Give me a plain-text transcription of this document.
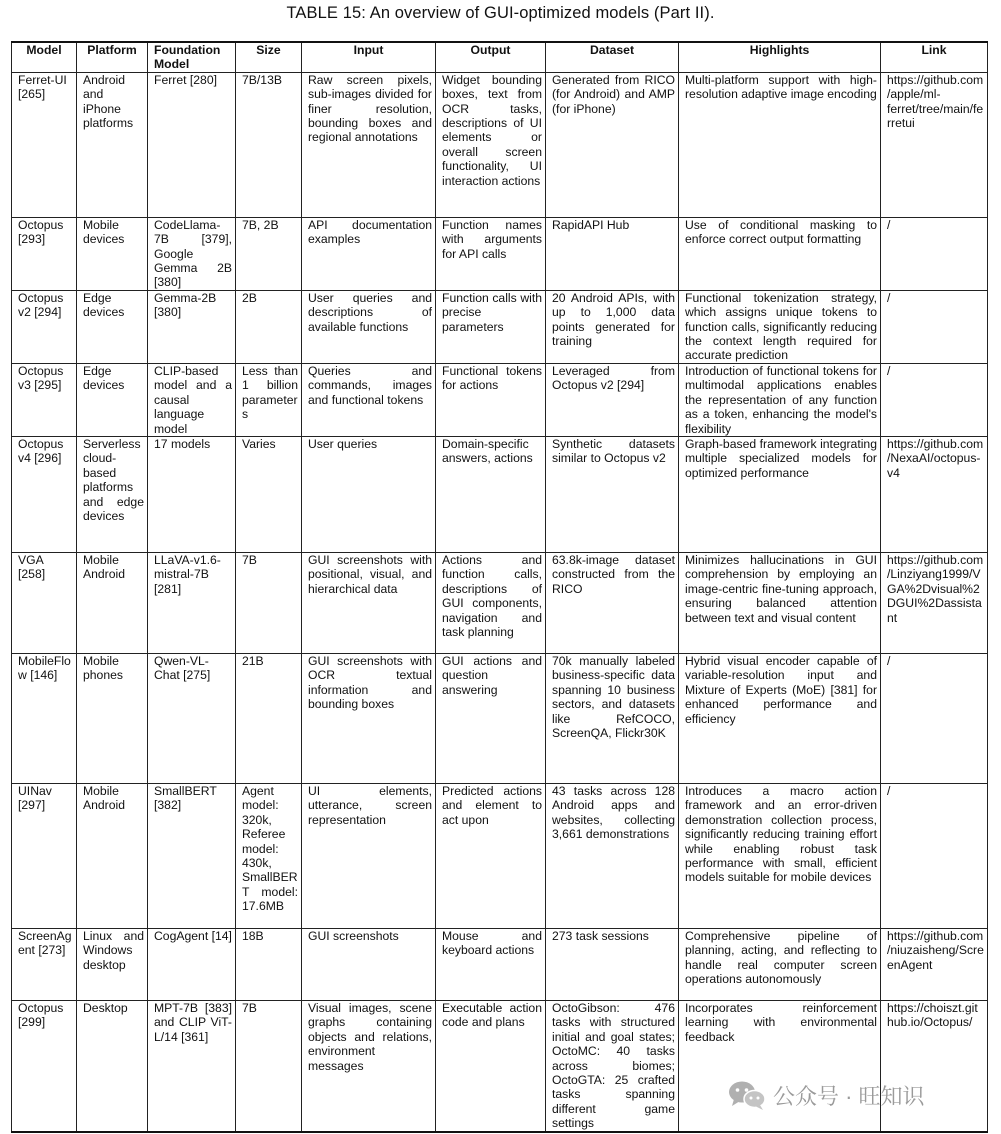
TABLE 15: An overview of GUI-optimized models (Part II).
Model	Platform	Foundation Model	Size	Input	Output	Dataset	Highlights	Link
Ferret-UI [265]	Android and iPhone platforms	Ferret [280]	7B/13B	Raw screen pixels, sub-images divided for finer resolution, bounding boxes and regional annotations	Widget bounding boxes, text from OCR tasks, descriptions of UI elements or overall screen functionality, UI interaction actions	Generated from RICO (for Android) and AMP (for iPhone)	Multi-platform support with high-resolution adaptive image encoding	https://github.com/apple/ml-ferret/tree/main/ferretui
Octopus [293]	Mobile devices	CodeLlama-7B [379], Google Gemma 2B [380]	7B, 2B	API documentation examples	Function names with arguments for API calls	RapidAPI Hub	Use of conditional masking to enforce correct output formatting	/
Octopus v2 [294]	Edge devices	Gemma-2B [380]	2B	User queries and descriptions of available functions	Function calls with precise parameters	20 Android APIs, with up to 1,000 data points generated for training	Functional tokenization strategy, which assigns unique tokens to function calls, significantly reducing the context length required for accurate prediction	/
Octopus v3 [295]	Edge devices	CLIP-based model and a causal language model	Less than 1 billion parameters	Queries and commands, images and functional tokens	Functional tokens for actions	Leveraged from Octopus v2 [294]	Introduction of functional tokens for multimodal applications enables the representation of any function as a token, enhancing the model's flexibility	/
Octopus v4 [296]	Serverless cloud-based platforms and edge devices	17 models	Varies	User queries	Domain-specific answers, actions	Synthetic datasets similar to Octopus v2	Graph-based framework integrating multiple specialized models for optimized performance	https://github.com/NexaAI/octopus-v4
VGA [258]	Mobile Android	LLaVA-v1.6-mistral-7B [281]	7B	GUI screenshots with positional, visual, and hierarchical data	Actions and function calls, descriptions of GUI components, navigation and task planning	63.8k-image dataset constructed from the RICO	Minimizes hallucinations in GUI comprehension by employing an image-centric fine-tuning approach, ensuring balanced attention between text and visual content	https://github.com/Linziyang1999/VGA%2Dvisual%2DGUI%2Dassistant
MobileFlow [146]	Mobile phones	Qwen-VL-Chat [275]	21B	GUI screenshots with OCR textual information and bounding boxes	GUI actions and question answering	70k manually labeled business-specific data spanning 10 business sectors, and datasets like RefCOCO, ScreenQA, Flickr30K	Hybrid visual encoder capable of variable-resolution input and Mixture of Experts (MoE) [381] for enhanced performance and efficiency	/
UINav [297]	Mobile Android	SmallBERT [382]	Agent model: 320k, Referee model: 430k, SmallBERT model: 17.6MB	UI elements, utterance, screen representation	Predicted actions and element to act upon	43 tasks across 128 Android apps and websites, collecting 3,661 demonstrations	Introduces a macro action framework and an error-driven demonstration collection process, significantly reducing training effort while enabling robust task performance with small, efficient models suitable for mobile devices	/
ScreenAgent [273]	Linux and Windows desktop	CogAgent [14]	18B	GUI screenshots	Mouse and keyboard actions	273 task sessions	Comprehensive pipeline of planning, acting, and reflecting to handle real computer screen operations autonomously	https://github.com/niuzaisheng/ScreenAgent
Octopus [299]	Desktop	MPT-7B [383] and CLIP ViT-L/14 [361]	7B	Visual images, scene graphs containing objects and relations, environment messages	Executable action code and plans	OctoGibson: 476 tasks with structured initial and goal states; OctoMC: 40 tasks across biomes; OctoGTA: 25 crafted tasks spanning different game settings	Incorporates reinforcement learning with environmental feedback	https://choiszt.github.io/Octopus/
公众号 · 旺知识
